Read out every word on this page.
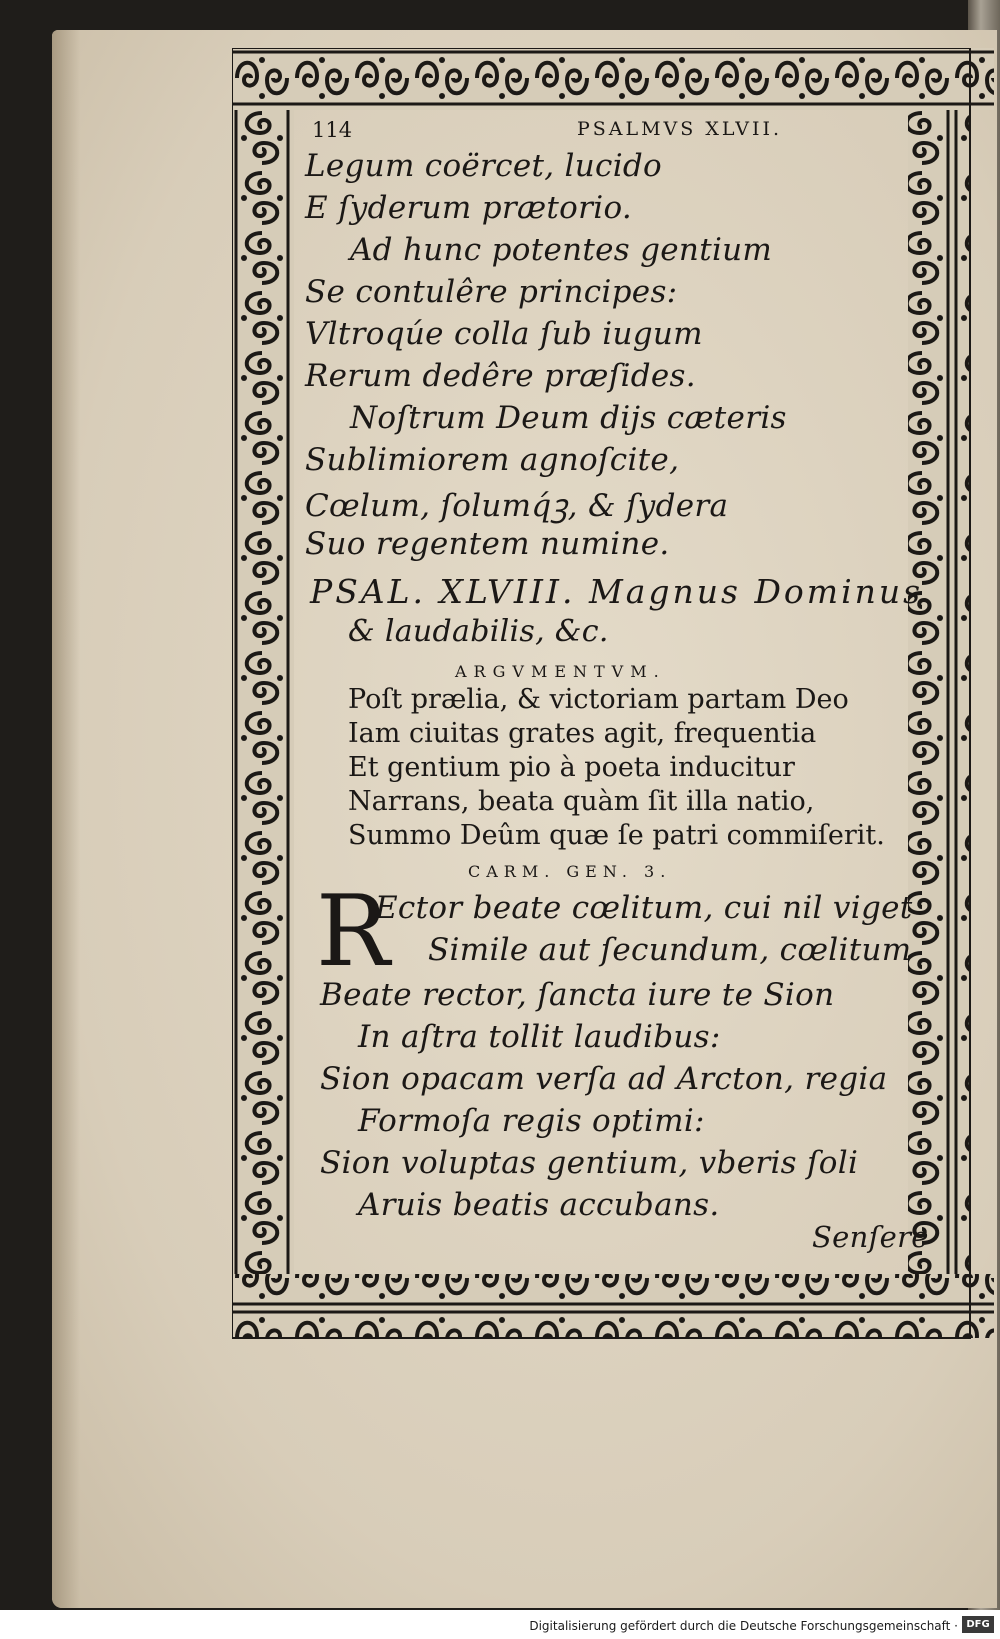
114	PSALMVS XLVII.
Legum coërcet, lucido
E ſyderum prætorio.
Ad hunc potentes gentium
Se contulêre principes:
Vltroqúe colla ſub iugum
Rerum dedêre præſides.
Noſtrum Deum dijs cæteris
Sublimiorem agnoſcite,
Cœlum, ſolumq́ꝫ, & ſydera
Suo regentem numine.
PSAL. XLVIII. Magnus Dominus
& laudabilis, &c.
ARGVMENTVM.
Poſt prælia, & victoriam partam Deo
Iam ciuitas grates agit, frequentia
Et gentium pio à poeta inducitur
Narrans, beata quàm ſit illa natio,
Summo Deûm quæ ſe patri commiſerit.
CARM. GEN. 3.
R
Ector beate cœlitum, cui nil viget
Simile aut ſecundum, cœlitum
Beate rector, ſancta iure te Sion
In aſtra tollit laudibus:
Sion opacam verſa ad Arcton, regia
Formoſa regis optimi:
Sion voluptas gentium, vberis ſoli
Aruis beatis accubans.
Senſere
Digitalisierung gefördert durch die Deutsche Forschungsgemeinschaft · DFG
